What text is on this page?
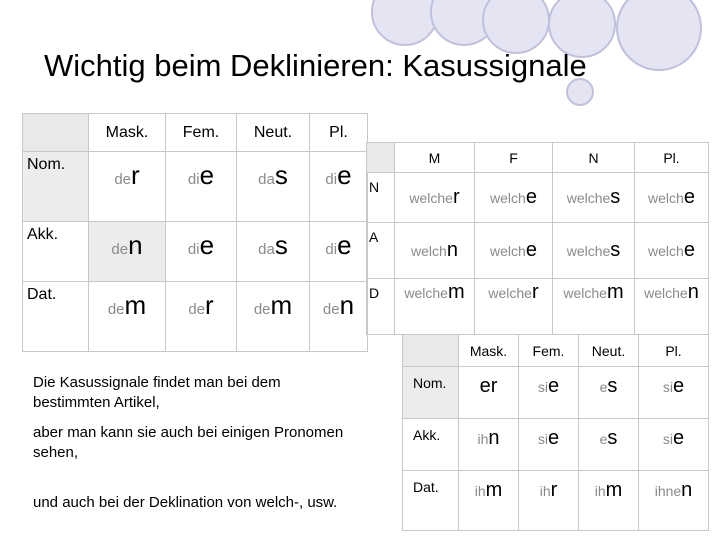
Wichtig beim Deklinieren: Kasussignale
	Mask.	Fem.	Neut.	Pl.
Nom.	der	die	das	die
Akk.	den	die	das	die
Dat.	dem	der	dem	den
	M	F	N	Pl.
N	welcher	welche	welches	welche
A	welchn	welche	welches	welche
D	welchem	welcher	welchem	welchen
	Mask.	Fem.	Neut.	Pl.
Nom.	er	sie	es	sie
Akk.	ihn	sie	es	sie
Dat.	ihm	ihr	ihm	ihnen
Die Kasussignale findet man bei dem bestimmten Artikel,
aber man kann sie auch bei einigen Pronomen sehen,
und auch bei der Deklination von welch-, usw.
